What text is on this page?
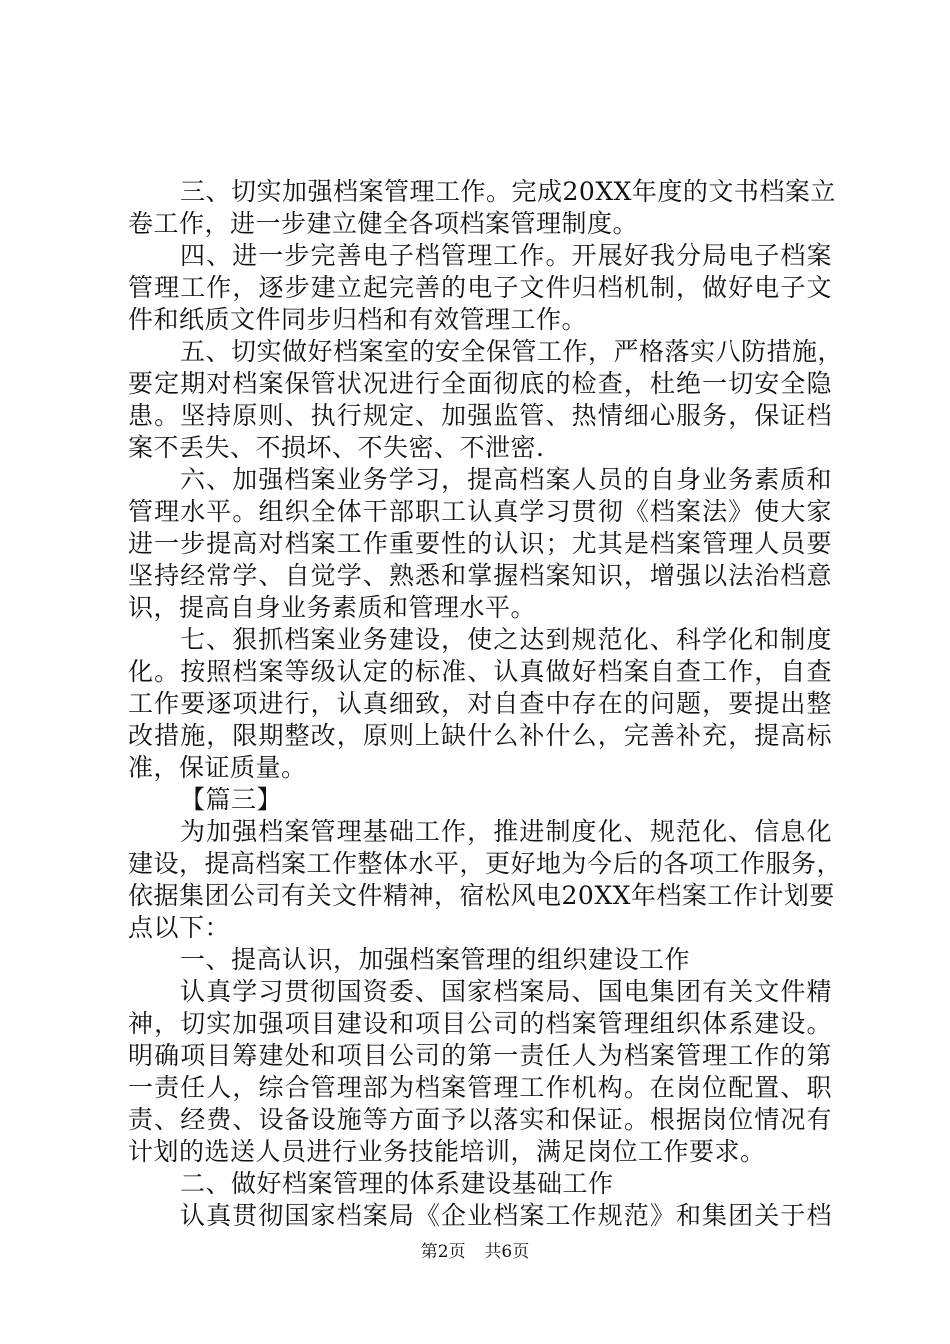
三、切实加强档案管理工作。完成20XX年度的文书档案立
卷工作，进一步建立健全各项档案管理制度。
四、进一步完善电子档管理工作。开展好我分局电子档案
管理工作，逐步建立起完善的电子文件归档机制，做好电子文
件和纸质文件同步归档和有效管理工作。
五、切实做好档案室的安全保管工作，严格落实八防措施，
要定期对档案保管状况进行全面彻底的检查，杜绝一切安全隐
患。坚持原则、执行规定、加强监管、热情细心服务，保证档
案不丢失、不损坏、不失密、不泄密.
六、加强档案业务学习，提高档案人员的自身业务素质和
管理水平。组织全体干部职工认真学习贯彻《档案法》使大家
进一步提高对档案工作重要性的认识；尤其是档案管理人员要
坚持经常学、自觉学、熟悉和掌握档案知识，增强以法治档意
识，提高自身业务素质和管理水平。
七、狠抓档案业务建设，使之达到规范化、科学化和制度
化。按照档案等级认定的标准、认真做好档案自查工作，自查
工作要逐项进行，认真细致，对自查中存在的问题，要提出整
改措施，限期整改，原则上缺什么补什么，完善补充，提高标
准，保证质量。
【篇三】
为加强档案管理基础工作，推进制度化、规范化、信息化
建设，提高档案工作整体水平，更好地为今后的各项工作服务，
依据集团公司有关文件精神，宿松风电20XX年档案工作计划要
点以下：
一、提高认识，加强档案管理的组织建设工作
认真学习贯彻国资委、国家档案局、国电集团有关文件精
神，切实加强项目建设和项目公司的档案管理组织体系建设。
明确项目筹建处和项目公司的第一责任人为档案管理工作的第
一责任人，综合管理部为档案管理工作机构。在岗位配置、职
责、经费、设备设施等方面予以落实和保证。根据岗位情况有
计划的选送人员进行业务技能培训，满足岗位工作要求。
二、做好档案管理的体系建设基础工作
认真贯彻国家档案局《企业档案工作规范》和集团关于档
第2页 共6页
